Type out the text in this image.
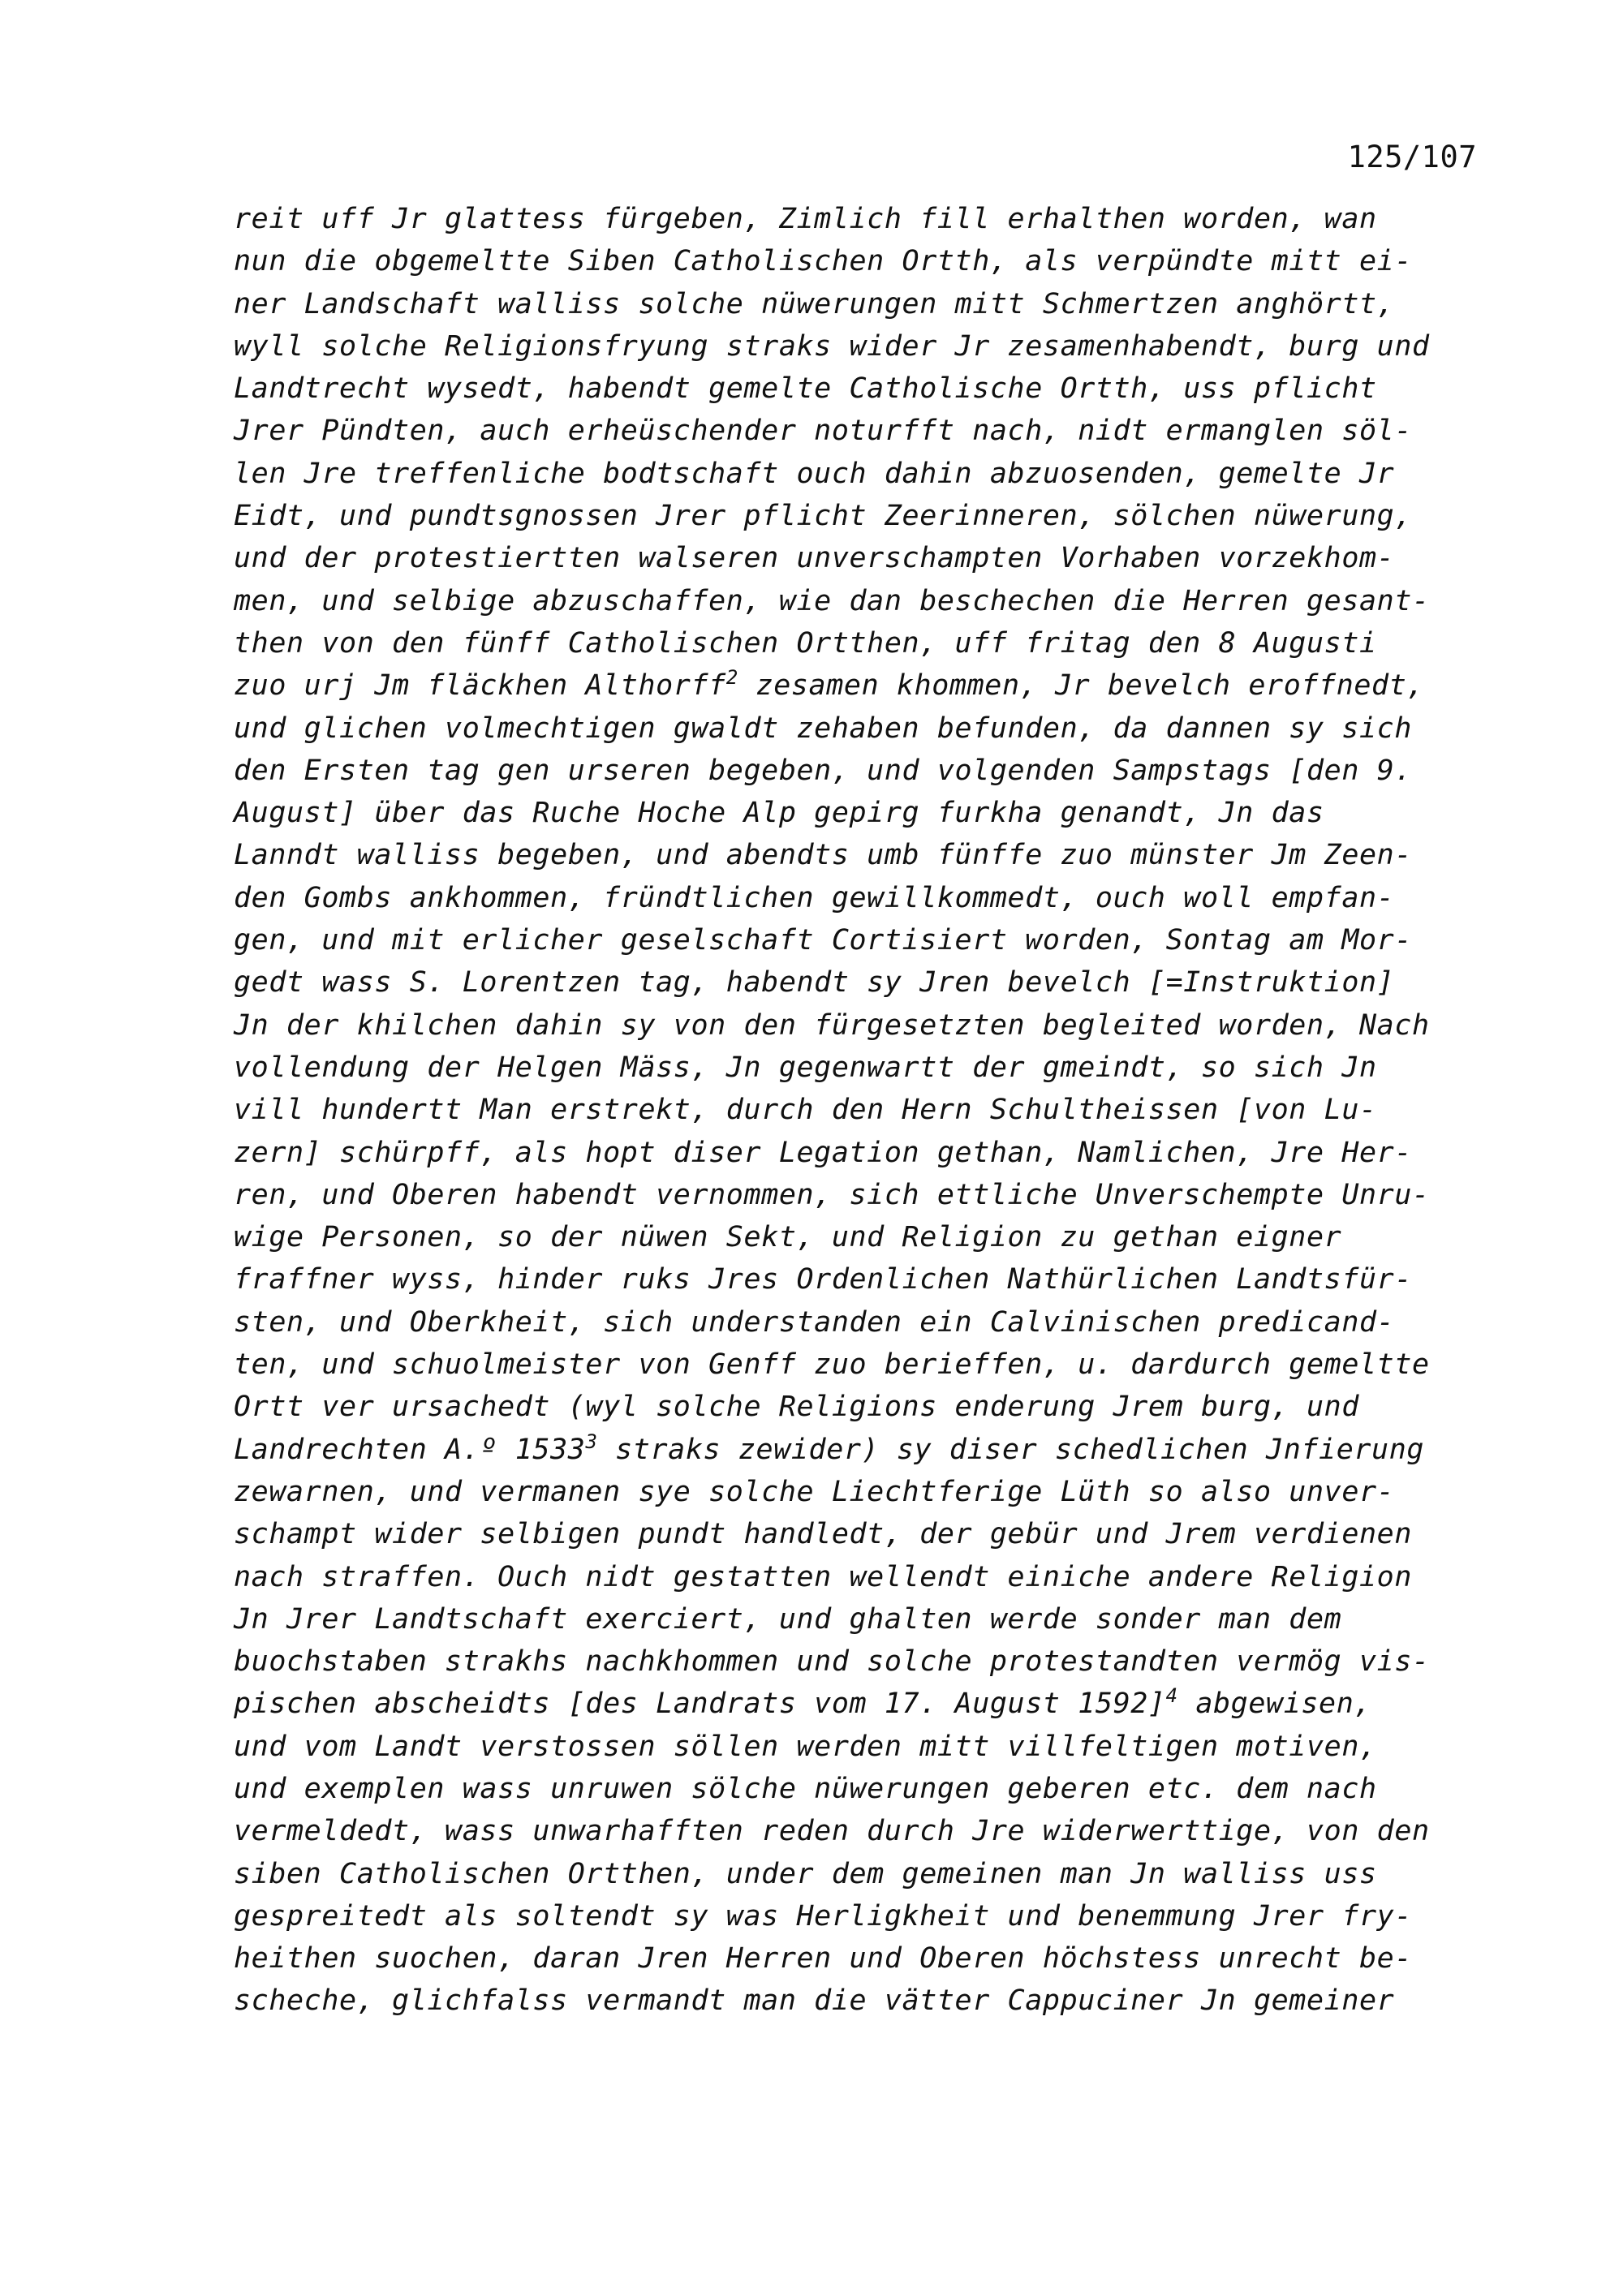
125/107
reit uff Jr glattess fürgeben, Zimlich fill erhalthen worden, wan
nun die obgemeltte Siben Catholischen Ortth, als verpündte mitt ei-
ner Landschaft walliss solche nüwerungen mitt Schmertzen anghörtt,
wyll solche Religionsfryung straks wider Jr zesamenhabendt, burg und
Landtrecht wysedt, habendt gemelte Catholische Ortth, uss pflicht
Jrer Pündten, auch erheüschender noturfft nach, nidt ermanglen söl-
len Jre treffenliche bodtschaft ouch dahin abzuosenden, gemelte Jr
Eidt, und pundtsgnossen Jrer pflicht Zeerinneren, sölchen nüwerung,
und der protestiertten walseren unverschampten Vorhaben vorzekhom-
men, und selbige abzuschaffen, wie dan beschechen die Herren gesant-
then von den fünff Catholischen Ortthen, uff fritag den 8 Augusti
zuo urj Jm fläckhen Althorff$^2$ zesamen khommen, Jr bevelch eroffnedt,
und glichen volmechtigen gwaldt zehaben befunden, da dannen sy sich
den Ersten tag gen urseren begeben, und volgenden Sampstags [den 9.
August] über das Ruche Hoche Alp gepirg furkha genandt, Jn das
Lanndt walliss begeben, und abendts umb fünffe zuo münster Jm Zeen-
den Gombs ankhommen, fründtlichen gewillkommedt, ouch woll empfan-
gen, und mit erlicher geselschaft Cortisiert worden, Sontag am Mor-
gedt wass S. Lorentzen tag, habendt sy Jren bevelch [=Instruktion]
Jn der khilchen dahin sy von den fürgesetzten begleited worden, Nach
vollendung der Helgen Mäss, Jn gegenwartt der gmeindt, so sich Jn
vill hundertt Man erstrekt, durch den Hern Schultheissen [von Lu-
zern] schürpff, als hopt diser Legation gethan, Namlichen, Jre Her-
ren, und Oberen habendt vernommen, sich ettliche Unverschempte Unru-
wige Personen, so der nüwen Sekt, und Religion zu gethan eigner
fraffner wyss, hinder ruks Jres Ordenlichen Nathürlichen Landtsfür-
sten, und Oberkheit, sich understanden ein Calvinischen predicand-
ten, und schuolmeister von Genff zuo berieffen, u. dardurch gemeltte
Ortt ver ursachedt (wyl solche Religions enderung Jrem burg, und
Landrechten A.º 1533$^3$ straks zewider) sy diser schedlichen Jnfierung
zewarnen, und vermanen sye solche Liechtferige Lüth so also unver-
schampt wider selbigen pundt handledt, der gebür und Jrem verdienen
nach straffen. Ouch nidt gestatten wellendt einiche andere Religion
Jn Jrer Landtschaft exerciert, und ghalten werde sonder man dem
buochstaben strakhs nachkhommen und solche protestandten vermög vis-
pischen abscheidts [des Landrats vom 17. August 1592]$^4$ abgewisen,
und vom Landt verstossen söllen werden mitt villfeltigen motiven,
und exemplen wass unruwen sölche nüwerungen geberen etc. dem nach
vermeldedt, wass unwarhafften reden durch Jre widerwerttige, von den
siben Catholischen Ortthen, under dem gemeinen man Jn walliss uss
gespreitedt als soltendt sy was Herligkheit und benemmung Jrer fry-
heithen suochen, daran Jren Herren und Oberen höchstess unrecht be-
scheche, glichfalss vermandt man die vätter Cappuciner Jn gemeiner
